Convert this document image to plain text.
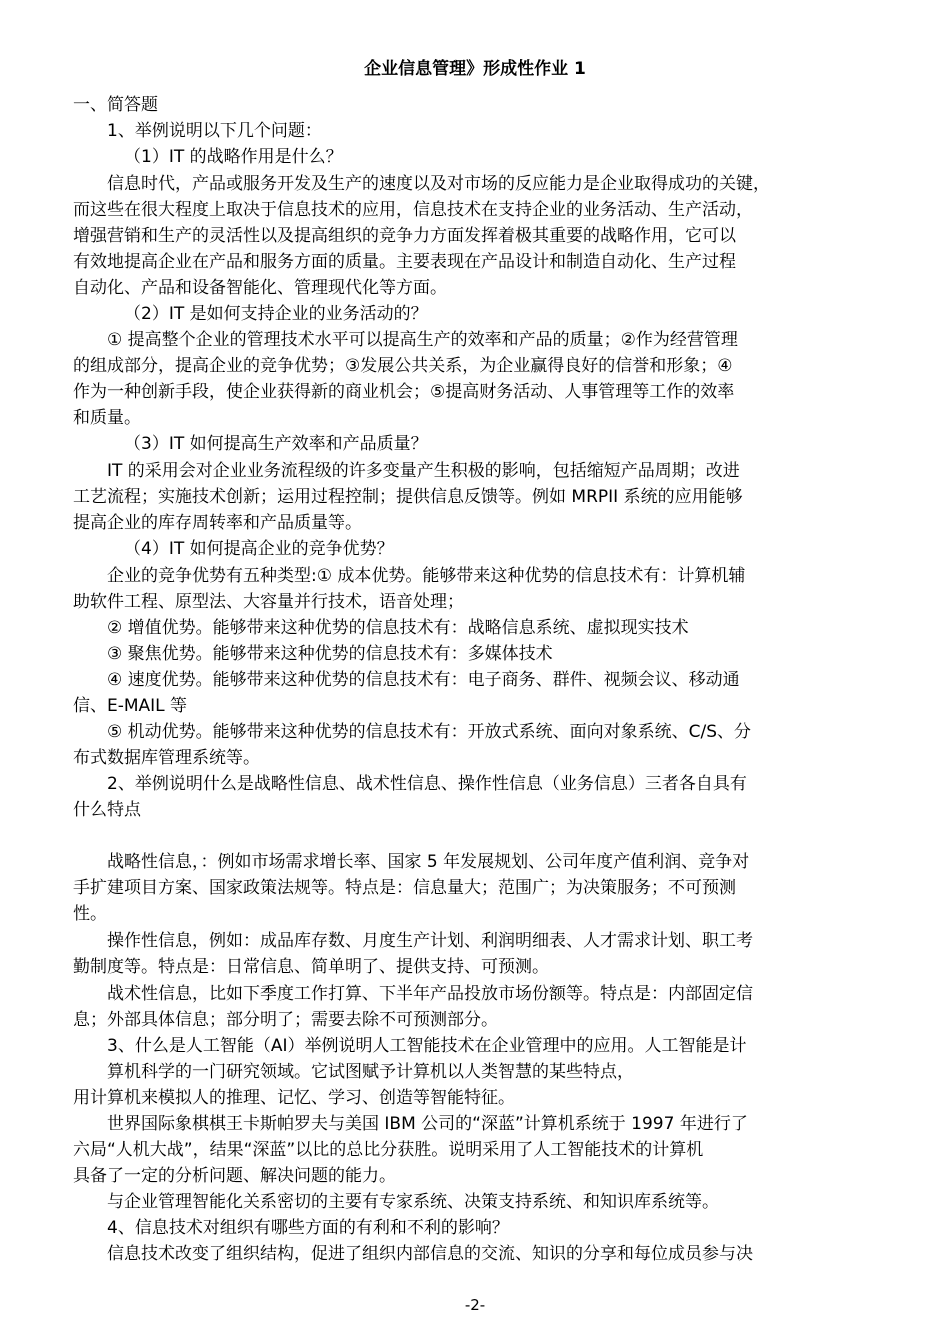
企业信息管理》形成性作业 1
一、简答题
1、举例说明以下几个问题：
（1）IT 的战略作用是什么？
信息时代，产品或服务开发及生产的速度以及对市场的反应能力是企业取得成功的关键，
而这些在很大程度上取决于信息技术的应用，信息技术在支持企业的业务活动、生产活动，
增强营销和生产的灵活性以及提高组织的竞争力方面发挥着极其重要的战略作用，它可以
有效地提高企业在产品和服务方面的质量。主要表现在产品设计和制造自动化、生产过程
自动化、产品和设备智能化、管理现代化等方面。
（2）IT 是如何支持企业的业务活动的？
① 提高整个企业的管理技术水平可以提高生产的效率和产品的质量；②作为经营管理
的组成部分，提高企业的竞争优势；③发展公共关系，为企业赢得良好的信誉和形象；④
作为一种创新手段，使企业获得新的商业机会；⑤提高财务活动、人事管理等工作的效率
和质量。
（3）IT 如何提高生产效率和产品质量？
IT 的采用会对企业业务流程级的许多变量产生积极的影响，包括缩短产品周期；改进
工艺流程；实施技术创新；运用过程控制；提供信息反馈等。例如 MRPII 系统的应用能够
提高企业的库存周转率和产品质量等。
（4）IT 如何提高企业的竞争优势？
企业的竞争优势有五种类型:① 成本优势。能够带来这种优势的信息技术有：计算机辅
助软件工程、原型法、大容量并行技术，语音处理；
② 增值优势。能够带来这种优势的信息技术有：战略信息系统、虚拟现实技术
③ 聚焦优势。能够带来这种优势的信息技术有：多媒体技术
④ 速度优势。能够带来这种优势的信息技术有：电子商务、群件、视频会议、移动通
信、E-MAIL 等
⑤ 机动优势。能够带来这种优势的信息技术有：开放式系统、面向对象系统、C/S、分
布式数据库管理系统等。
2、举例说明什么是战略性信息、战术性信息、操作性信息（业务信息）三者各自具有
什么特点
战略性信息，：例如市场需求增长率、国家 5 年发展规划、公司年度产值利润、竞争对
手扩建项目方案、国家政策法规等。特点是：信息量大；范围广；为决策服务；不可预测
性。
操作性信息，例如：成品库存数、月度生产计划、利润明细表、人才需求计划、职工考
勤制度等。特点是：日常信息、简单明了、提供支持、可预测。
战术性信息，比如下季度工作打算、下半年产品投放市场份额等。特点是：内部固定信
息；外部具体信息；部分明了；需要去除不可预测部分。
3、什么是人工智能（AI）举例说明人工智能技术在企业管理中的应用。人工智能是计
算机科学的一门研究领域。它试图赋予计算机以人类智慧的某些特点，
用计算机来模拟人的推理、记忆、学习、创造等智能特征。
世界国际象棋棋王卡斯帕罗夫与美国 IBM 公司的“深蓝”计算机系统于 1997 年进行了
六局“人机大战”，结果“深蓝”以比的总比分获胜。说明采用了人工智能技术的计算机
具备了一定的分析问题、解决问题的能力。
与企业管理智能化关系密切的主要有专家系统、决策支持系统、和知识库系统等。
4、信息技术对组织有哪些方面的有利和不利的影响？
信息技术改变了组织结构，促进了组织内部信息的交流、知识的分享和每位成员参与决
-2-
